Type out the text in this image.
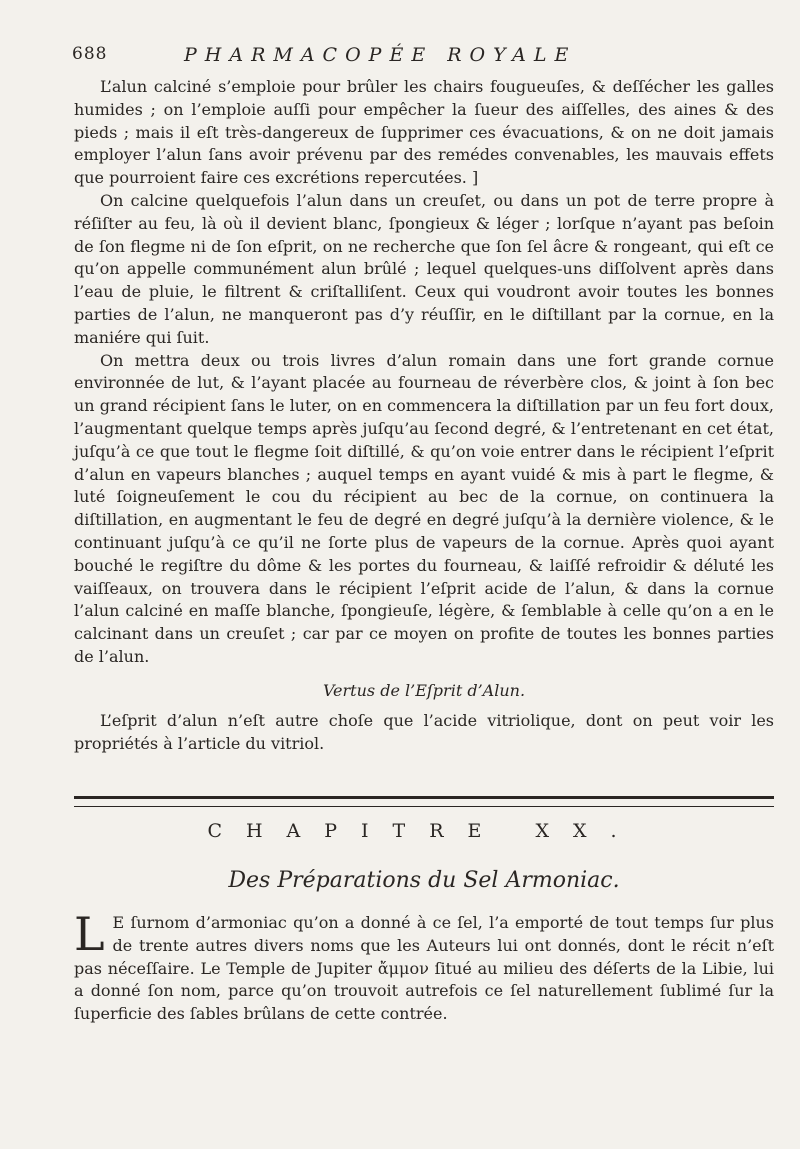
688	PHARMACOPÉE ROYALE

L’alun calciné s’emploie pour brûler les chairs fougueuſes, & deſſécher les galles humides ; on l’emploie auſſi pour empêcher la ſueur des aiſſelles, des aines & des pieds ; mais il eſt très-dangereux de ſupprimer ces évacuations, & on ne doit jamais employer l’alun ſans avoir prévenu par des remédes convenables, les mauvais effets que pourroient faire ces excrétions repercutées. ]

On calcine quelquefois l’alun dans un creuſet, ou dans un pot de terre propre à réſiſter au feu, là où il devient blanc, ſpongieux & léger ; lorſque n’ayant pas beſoin de ſon flegme ni de ſon eſprit, on ne recherche que ſon ſel âcre & rongeant, qui eſt ce qu’on appelle communément alun brûlé ; lequel quelques-uns diſſolvent après dans l’eau de pluie, le filtrent & criſtalliſent. Ceux qui voudront avoir toutes les bonnes parties de l’alun, ne manqueront pas d’y réuſſir, en le diſtillant par la cornue, en la maniére qui ſuit.

On mettra deux ou trois livres d’alun romain dans une fort grande cornue environnée de lut, & l’ayant placée au fourneau de réverbère clos, & joint à ſon bec un grand récipient ſans le luter, on en commencera la diſtillation par un feu fort doux, l’augmentant quelque temps après juſqu’au ſecond degré, & l’entretenant en cet état, juſqu’à ce que tout le flegme ſoit diſtillé, & qu’on voie entrer dans le récipient l’eſprit d’alun en vapeurs blanches ; auquel temps en ayant vuidé & mis à part le flegme, & luté ſoigneuſement le cou du récipient au bec de la cornue, on continuera la diſtillation, en augmentant le feu de degré en degré juſqu’à la dernière violence, & le continuant juſqu’à ce qu’il ne ſorte plus de vapeurs de la cornue. Après quoi ayant bouché le regiſtre du dôme & les portes du fourneau, & laiſſé refroidir & déluté les vaiſſeaux, on trouvera dans le récipient l’eſprit acide de l’alun, & dans la cornue l’alun calciné en maſſe blanche, ſpongieuſe, légère, & ſemblable à celle qu’on a en le calcinant dans un creuſet ; car par ce moyen on profite de toutes les bonnes parties de l’alun.

Vertus de l’Eſprit d’Alun.

L’eſprit d’alun n’eſt autre choſe que l’acide vitriolique, dont on peut voir les propriétés à l’article du vitriol.

CHAPITRE XX.
Des Préparations du Sel Armoniac.

L E ſurnom d’armoniac qu’on a donné à ce ſel, l’a emporté de tout temps ſur plus de trente autres divers noms que les Auteurs lui ont donnés, dont le récit n’eſt pas néceſſaire. Le Temple de Jupiter ἄμμον ſitué au milieu des déſerts de la Libie, lui a donné ſon nom, parce qu’on trouvoit autrefois ce ſel naturellement ſublimé ſur la ſuperficie des ſables brûlans de cette contrée.
